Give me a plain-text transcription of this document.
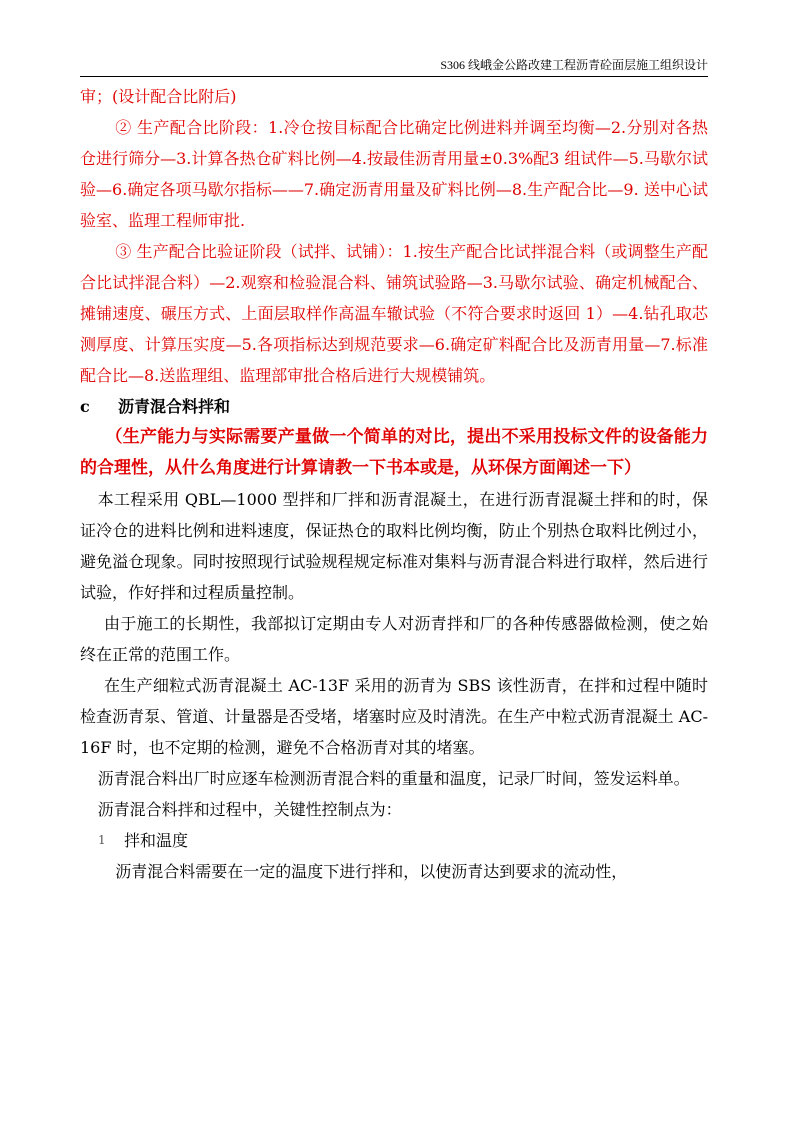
S306 线峨金公路改建工程沥青砼面层施工组织设计

审；(设计配合比附后)

② 生产配合比阶段：1.冷仓按目标配合比确定比例进料并调至均衡—2.分别对各热仓进行筛分—3.计算各热仓矿料比例—4.按最佳沥青用量±0.3%配3 组试件—5.马歇尔试验—6.确定各项马歇尔指标——7.确定沥青用量及矿料比例—8.生产配合比—9. 送中心试验室、监理工程师审批.

③ 生产配合比验证阶段（试拌、试铺）：1.按生产配合比试拌混合料（或调整生产配合比试拌混合料）—2.观察和检验混合料、铺筑试验路—3.马歇尔试验、确定机械配合、摊铺速度、碾压方式、上面层取样作高温车辙试验（不符合要求时返回 1）—4.钻孔取芯测厚度、计算压实度—5.各项指标达到规范要求—6.确定矿料配合比及沥青用量—7.标准配合比—8.送监理组、监理部审批合格后进行大规模铺筑。

c	沥青混合料拌和

（生产能力与实际需要产量做一个简单的对比，提出不采用投标文件的设备能力的合理性，从什么角度进行计算请教一下书本或是，从环保方面阐述一下）

本工程采用 QBL—1000 型拌和厂拌和沥青混凝土，在进行沥青混凝土拌和的时，保证冷仓的进料比例和进料速度，保证热仓的取料比例均衡，防止个别热仓取料比例过小，避免溢仓现象。同时按照现行试验规程规定标准对集料与沥青混合料进行取样，然后进行试验，作好拌和过程质量控制。

由于施工的长期性，我部拟订定期由专人对沥青拌和厂的各种传感器做检测，使之始终在正常的范围工作。

在生产细粒式沥青混凝土 AC-13F 采用的沥青为 SBS 该性沥青，在拌和过程中随时检查沥青泵、管道、计量器是否受堵，堵塞时应及时清洗。在生产中粒式沥青混凝土 AC-16F 时，也不定期的检测，避免不合格沥青对其的堵塞。

沥青混合料出厂时应逐车检测沥青混合料的重量和温度，记录厂时间，签发运料单。

沥青混合料拌和过程中，关键性控制点为：

1	拌和温度

沥青混合料需要在一定的温度下进行拌和，以使沥青达到要求的流动性，
